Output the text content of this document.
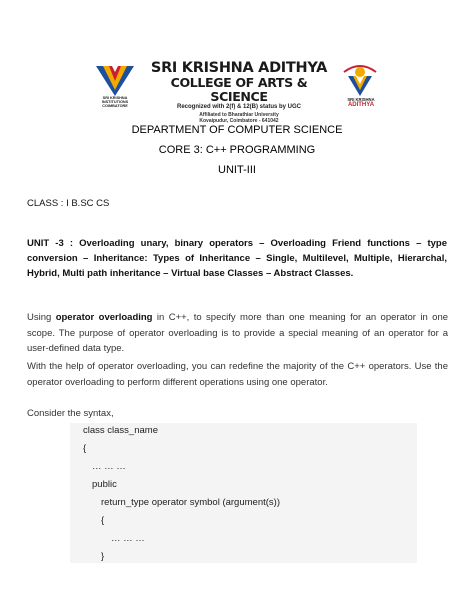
SRI KRISHNA
INSTITUTIONS
COIMBATORE
SRI KRISHNA ADITHYA
COLLEGE OF ARTS & SCIENCE
Recognized with 2(f) & 12(B) status by UGC
Affiliated to Bharathiar University
Kovaipudur, Coimbatore - 641042
SRI KRISHNA
ADITHYA
DEPARTMENT OF COMPUTER SCIENCE
CORE 3: C++ PROGRAMMING
UNIT-III
CLASS : I B.SC CS
UNIT -3 : Overloading unary, binary operators – Overloading Friend functions – type conversion – Inheritance: Types of Inheritance – Single, Multilevel, Multiple, Hierarchal, Hybrid, Multi path inheritance – Virtual base Classes – Abstract Classes.
Using operator overloading in C++, to specify more than one meaning for an operator in one scope. The purpose of operator overloading is to provide a special meaning of an operator for a user-defined data type.
With the help of operator overloading, you can redefine the majority of the C++ operators. Use the operator overloading to perform different operations using one operator.
Consider the syntax,
class class_name
{
… … …
public
return_type operator symbol (argument(s))
{
… … …
}
